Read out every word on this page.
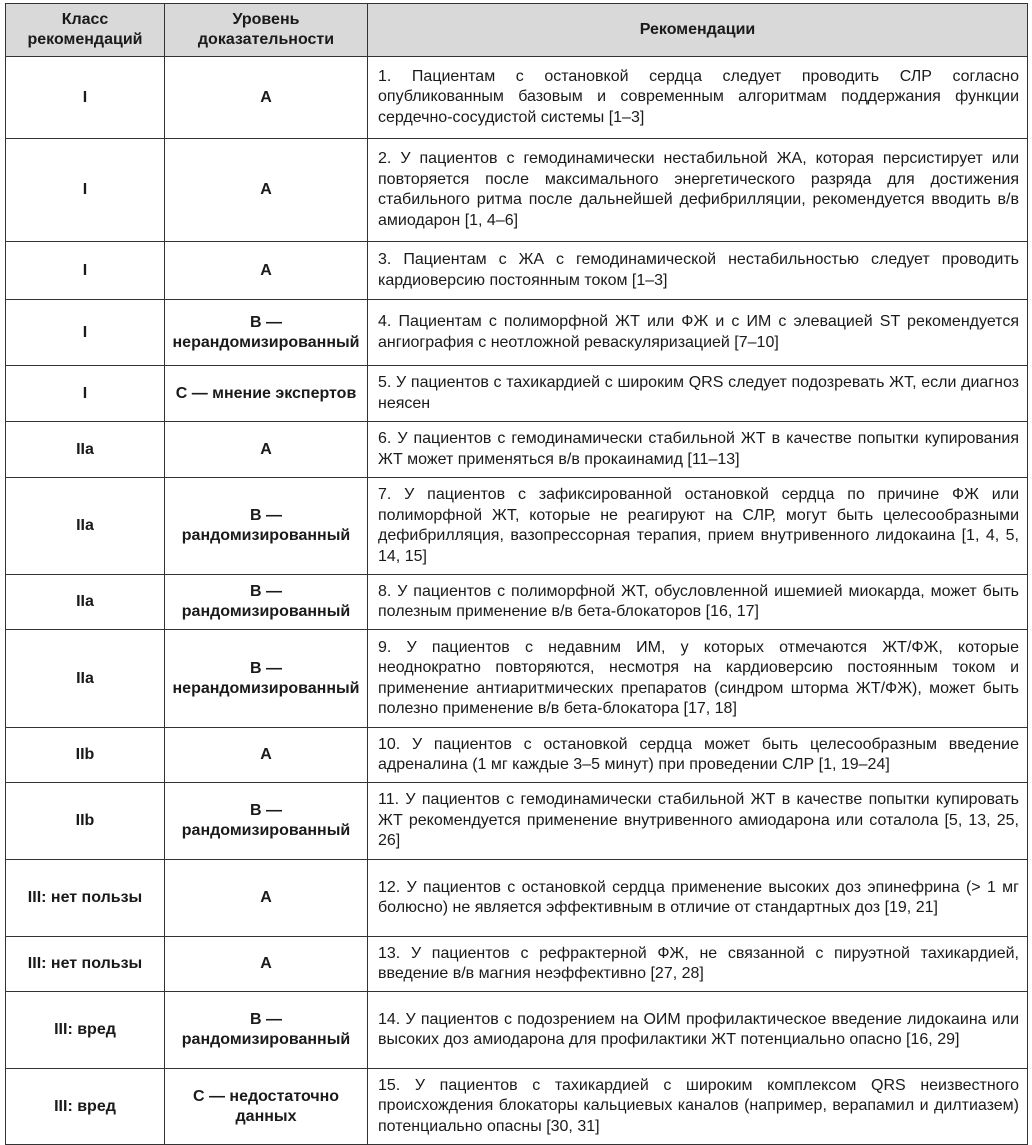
Класс рекомендаций	Уровень доказательности	Рекомендации
I	A	1. Пациентам с остановкой сердца следует проводить СЛР согласно опубликованным базовым и современным алгоритмам поддержания функции сердечно-сосудистой системы [1–3]
I	A	2. У пациентов с гемодинамически нестабильной ЖА, которая персистирует или повторяется после максимального энергетического разряда для достижения стабильного ритма после дальнейшей дефибрилляции, рекомендуется вводить в/в амиодарон [1, 4–6]
I	A	3. Пациентам с ЖА с гемодинамической нестабильностью следует проводить кардиоверсию постоянным током [1–3]
I	B — нерандомизированный	4. Пациентам с полиморфной ЖТ или ФЖ и с ИМ с элевацией ST рекомендуется ангиография с неотложной реваскуляризацией [7–10]
I	C — мнение экспертов	5. У пациентов с тахикардией с широким QRS следует подозревать ЖТ, если диагноз неясен
IIa	A	6. У пациентов с гемодинамически стабильной ЖТ в качестве попытки купирования ЖТ может применяться в/в прокаинамид [11–13]
IIa	B — рандомизированный	7. У пациентов с зафиксированной остановкой сердца по причине ФЖ или полиморфной ЖТ, которые не реагируют на СЛР, могут быть целесообразными дефибрилляция, вазопрессорная терапия, прием внутривенного лидокаина [1, 4, 5, 14, 15]
IIa	B — рандомизированный	8. У пациентов с полиморфной ЖТ, обусловленной ишемией миокарда, может быть полезным применение в/в бета-блокаторов [16, 17]
IIa	B — нерандомизированный	9. У пациентов с недавним ИМ, у которых отмечаются ЖТ/ФЖ, которые неоднократно повторяются, несмотря на кардиоверсию постоянным током и применение антиаритмических препаратов (синдром шторма ЖТ/ФЖ), может быть полезно применение в/в бета-блокатора [17, 18]
IIb	A	10. У пациентов с остановкой сердца может быть целесообразным введение адреналина (1 мг каждые 3–5 минут) при проведении СЛР [1, 19–24]
IIb	B — рандомизированный	11. У пациентов с гемодинамически стабильной ЖТ в качестве попытки купировать ЖТ рекомендуется применение внутривенного амиодарона или соталола [5, 13, 25, 26]
III: нет пользы	A	12. У пациентов с остановкой сердца применение высоких доз эпинефрина (> 1 мг болюсно) не является эффективным в отличие от стандартных доз [19, 21]
III: нет пользы	A	13. У пациентов с рефрактерной ФЖ, не связанной с пируэтной тахикардией, введение в/в магния неэффективно [27, 28]
III: вред	B — рандомизированный	14. У пациентов с подозрением на ОИМ профилактическое введение лидокаина или высоких доз амиодарона для профилактики ЖТ потенциально опасно [16, 29]
III: вред	C — недостаточно данных	15. У пациентов с тахикардией с широким комплексом QRS неизвестного происхождения блокаторы кальциевых каналов (например, верапамил и дилтиазем) потенциально опасны [30, 31]
